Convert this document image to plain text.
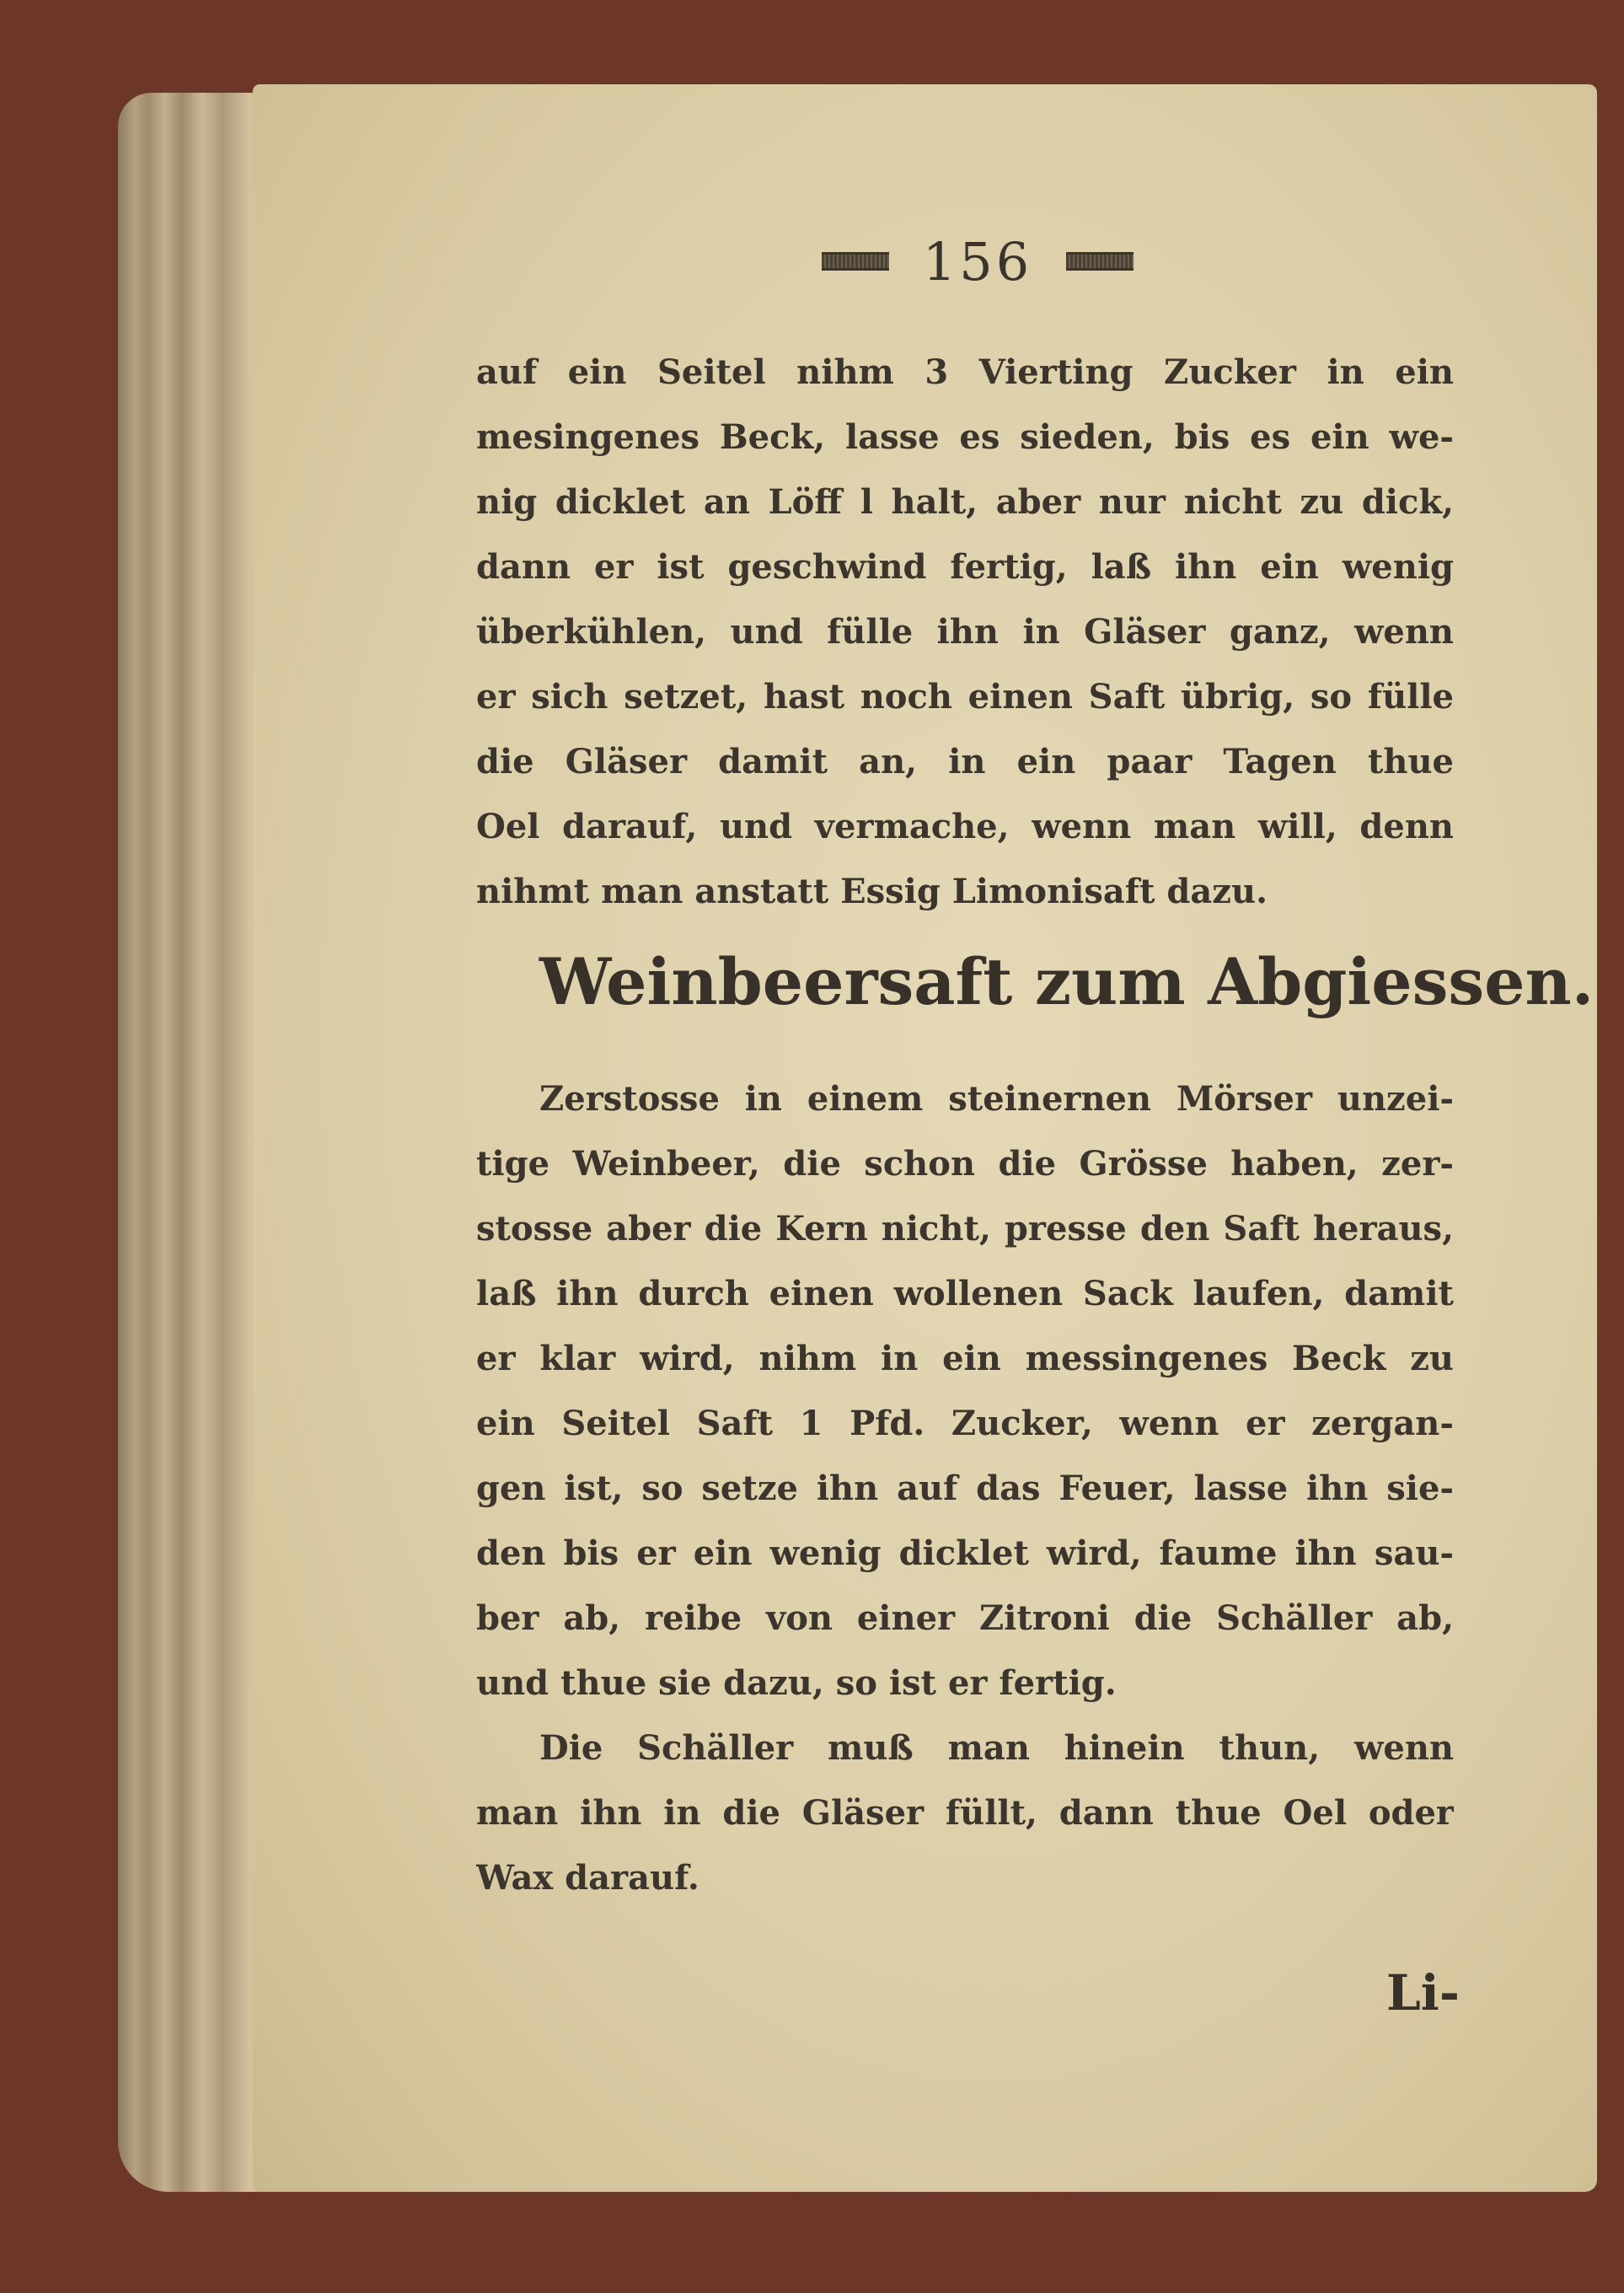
156
auf ein Seitel nihm 3 Vierting Zucker in ein
mesingenes Beck, lasse es sieden, bis es ein we-
nig dicklet an Löff l halt, aber nur nicht zu dick,
dann er ist geschwind fertig, laß ihn ein wenig
überkühlen, und fülle ihn in Gläser ganz, wenn
er sich setzet, hast noch einen Saft übrig, so fülle
die Gläser damit an, in ein paar Tagen thue
Oel darauf, und vermache, wenn man will, denn
nihmt man anstatt Essig Limonisaft dazu.
Weinbeersaft zum Abgiessen.
Zerstosse in einem steinernen Mörser unzei-
tige Weinbeer, die schon die Grösse haben, zer-
stosse aber die Kern nicht, presse den Saft heraus,
laß ihn durch einen wollenen Sack laufen, damit
er klar wird, nihm in ein messingenes Beck zu
ein Seitel Saft 1 Pfd. Zucker, wenn er zergan-
gen ist, so setze ihn auf das Feuer, lasse ihn sie-
den bis er ein wenig dicklet wird, faume ihn sau-
ber ab, reibe von einer Zitroni die Schäller ab,
und thue sie dazu, so ist er fertig.
Die Schäller muß man hinein thun, wenn
man ihn in die Gläser füllt, dann thue Oel oder
Wax darauf.
Li-
